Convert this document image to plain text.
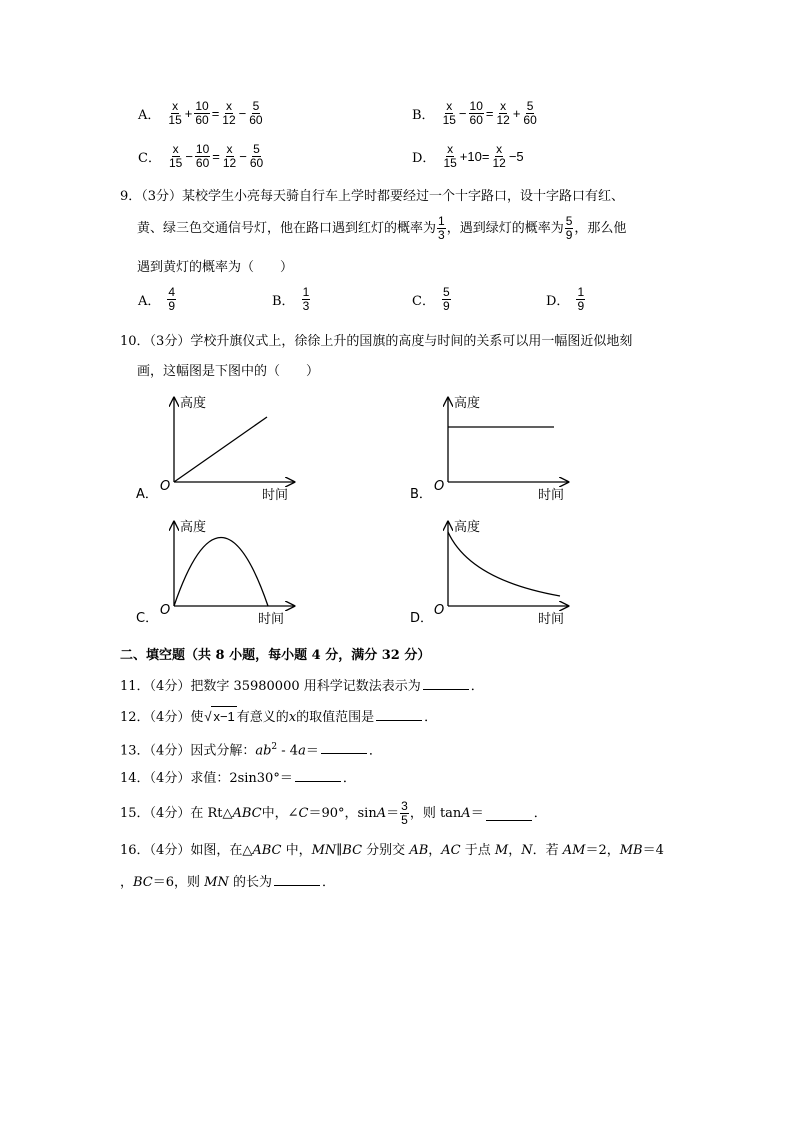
A． $\frac{x}{15} + \frac{10}{60} = \frac{x}{12} - \frac{5}{60}$	B． $\frac{x}{15} - \frac{10}{60} = \frac{x}{12} + \frac{5}{60}$
C． $\frac{x}{15} - \frac{10}{60} = \frac{x}{12} - \frac{5}{60}$	D． $\frac{x}{15} +10= \frac{x}{12} -5$
9．（3分）某校学生小亮每天骑自行车上学时都要经过一个十字路口，设十字路口有红、
黄、绿三色交通信号灯，他在路口遇到红灯的概率为 $\frac{1}{3}$ ，遇到绿灯的概率为 $\frac{5}{9}$ ，那么他
遇到黄灯的概率为（　　）
A． $\frac{4}{9}$	B． $\frac{1}{3}$	C． $\frac{5}{9}$	D． $\frac{1}{9}$
10．（3分）学校升旗仪式上，徐徐上升的国旗的高度与时间的关系可以用一幅图近似地刻
画，这幅图是下图中的（　　）
A．
高度
时间
O
B．
高度
时间
O
C．
高度
时间
O
D．
高度
时间
O
二、填空题（共 8 小题，每小题 4 分，满分 32 分）
11．（4分）把数字 35980000 用科学记数法表示为	．
12．（4分）使√ x−1 有意义的x的取值范围是	．
13．（4分）因式分解：$ab^2 - 4a=$	．
14．（4分）求值：2sin30°＝	．
15．（4分）在 Rt△ ABC 中，∠ C ＝90°，$\sin A = \frac{3}{5}$ ，则 tan A ＝	．
16．（4分）如图，在△ABC 中，MN∥BC 分别交 AB，AC 于点 M，N．若 AM＝2，MB＝4
，BC＝6，则 MN 的长为	．
